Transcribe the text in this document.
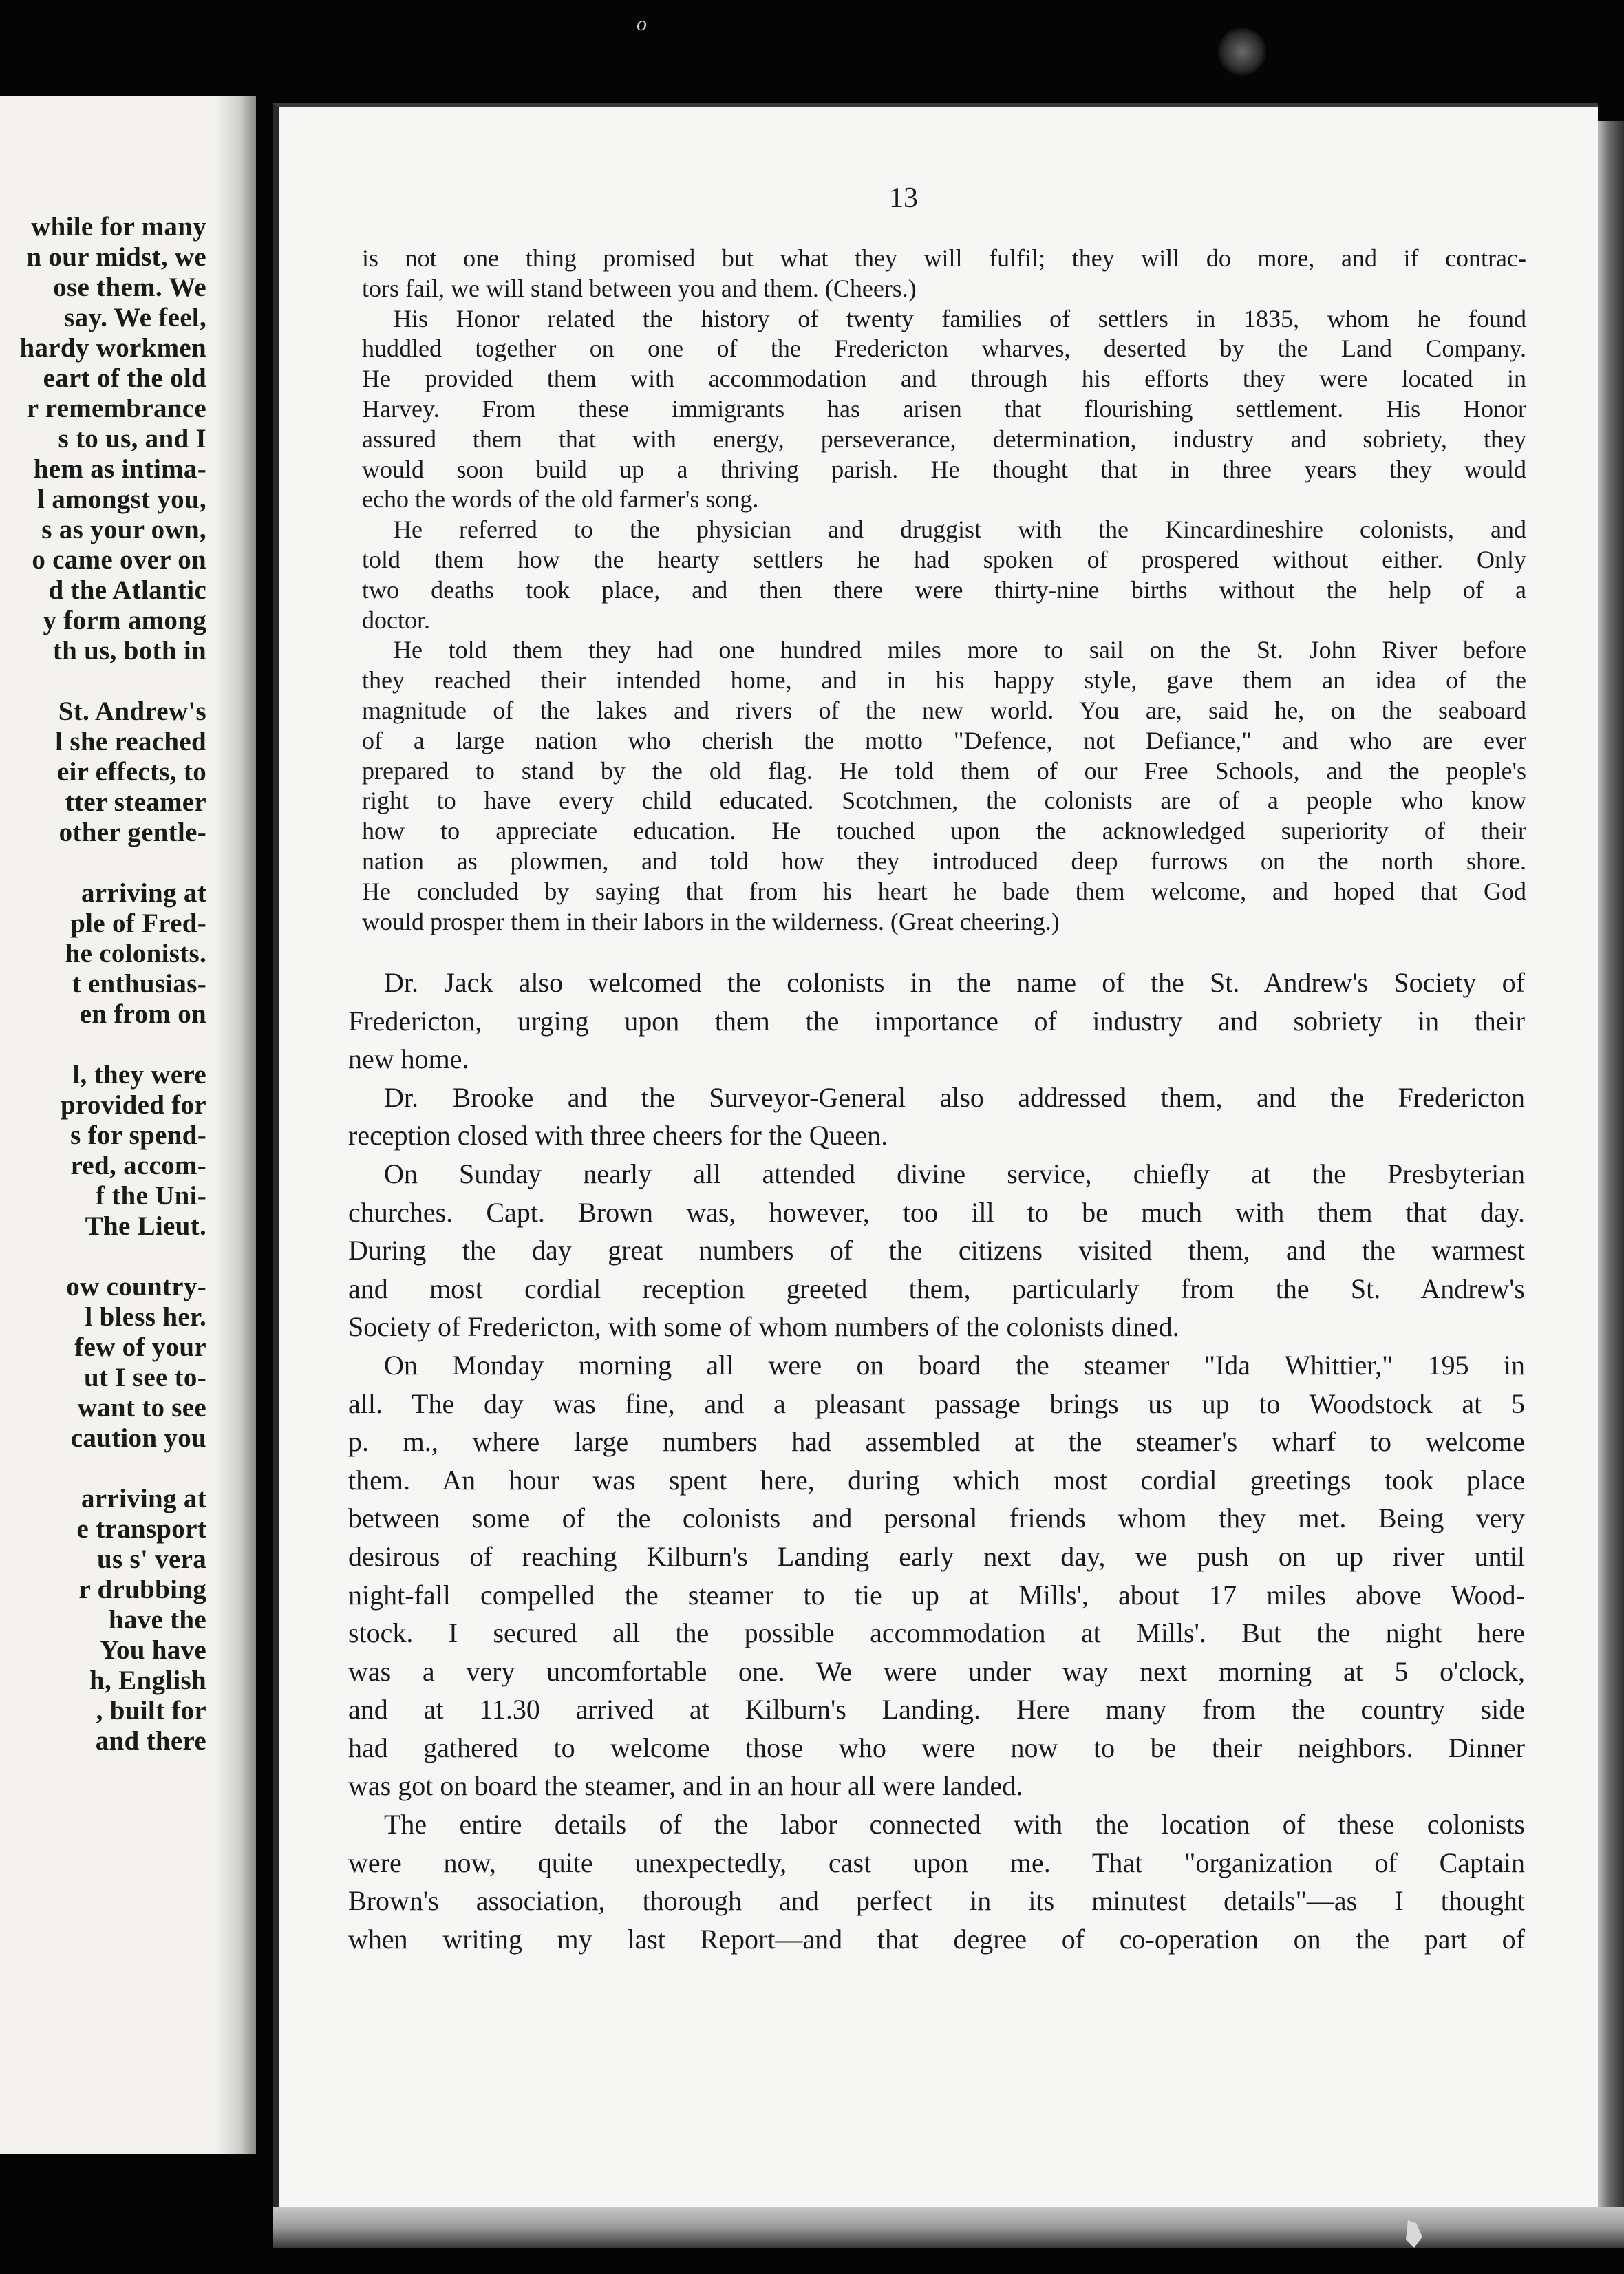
o
while for many
n our midst, we
ose them. We
say. We feel,
hardy workmen
eart of the old
r remembrance
s to us, and I
hem as intima-
l amongst you,
s as your own,
o came over on
d the Atlantic
y form among
th us, both in
St. Andrew's
l she reached
eir effects, to
tter steamer
other gentle-
arriving at
ple of Fred-
he colonists.
t enthusias-
en from on
l, they were
provided for
s for spend-
red, accom-
f the Uni-
The Lieut.
ow country-
l bless her.
few of your
ut I see to-
want to see
caution you
arriving at
e transport
us s' vera
r drubbing
have the
You have
h, English
, built for
and there
13
is not one thing promised but what they will fulfil; they will do more, and if contrac-
tors fail, we will stand between you and them. (Cheers.)
His Honor related the history of twenty families of settlers in 1835, whom he found
huddled together on one of the Fredericton wharves, deserted by the Land Company.
He provided them with accommodation and through his efforts they were located in
Harvey. From these immigrants has arisen that flourishing settlement. His Honor
assured them that with energy, perseverance, determination, industry and sobriety, they
would soon build up a thriving parish. He thought that in three years they would
echo the words of the old farmer's song.
He referred to the physician and druggist with the Kincardineshire colonists, and
told them how the hearty settlers he had spoken of prospered without either. Only
two deaths took place, and then there were thirty-nine births without the help of a
doctor.
He told them they had one hundred miles more to sail on the St. John River before
they reached their intended home, and in his happy style, gave them an idea of the
magnitude of the lakes and rivers of the new world. You are, said he, on the seaboard
of a large nation who cherish the motto "Defence, not Defiance," and who are ever
prepared to stand by the old flag. He told them of our Free Schools, and the people's
right to have every child educated. Scotchmen, the colonists are of a people who know
how to appreciate education. He touched upon the acknowledged superiority of their
nation as plowmen, and told how they introduced deep furrows on the north shore.
He concluded by saying that from his heart he bade them welcome, and hoped that God
would prosper them in their labors in the wilderness. (Great cheering.)
Dr. Jack also welcomed the colonists in the name of the St. Andrew's Society of
Fredericton, urging upon them the importance of industry and sobriety in their
new home.
Dr. Brooke and the Surveyor-General also addressed them, and the Fredericton
reception closed with three cheers for the Queen.
On Sunday nearly all attended divine service, chiefly at the Presbyterian
churches. Capt. Brown was, however, too ill to be much with them that day.
During the day great numbers of the citizens visited them, and the warmest
and most cordial reception greeted them, particularly from the St. Andrew's
Society of Fredericton, with some of whom numbers of the colonists dined.
On Monday morning all were on board the steamer "Ida Whittier," 195 in
all. The day was fine, and a pleasant passage brings us up to Woodstock at 5
p. m., where large numbers had assembled at the steamer's wharf to welcome
them. An hour was spent here, during which most cordial greetings took place
between some of the colonists and personal friends whom they met. Being very
desirous of reaching Kilburn's Landing early next day, we push on up river until
night-fall compelled the steamer to tie up at Mills', about 17 miles above Wood-
stock. I secured all the possible accommodation at Mills'. But the night here
was a very uncomfortable one. We were under way next morning at 5 o'clock,
and at 11.30 arrived at Kilburn's Landing. Here many from the country side
had gathered to welcome those who were now to be their neighbors. Dinner
was got on board the steamer, and in an hour all were landed.
The entire details of the labor connected with the location of these colonists
were now, quite unexpectedly, cast upon me. That "organization of Captain
Brown's association, thorough and perfect in its minutest details"—as I thought
when writing my last Report—and that degree of co-operation on the part of
